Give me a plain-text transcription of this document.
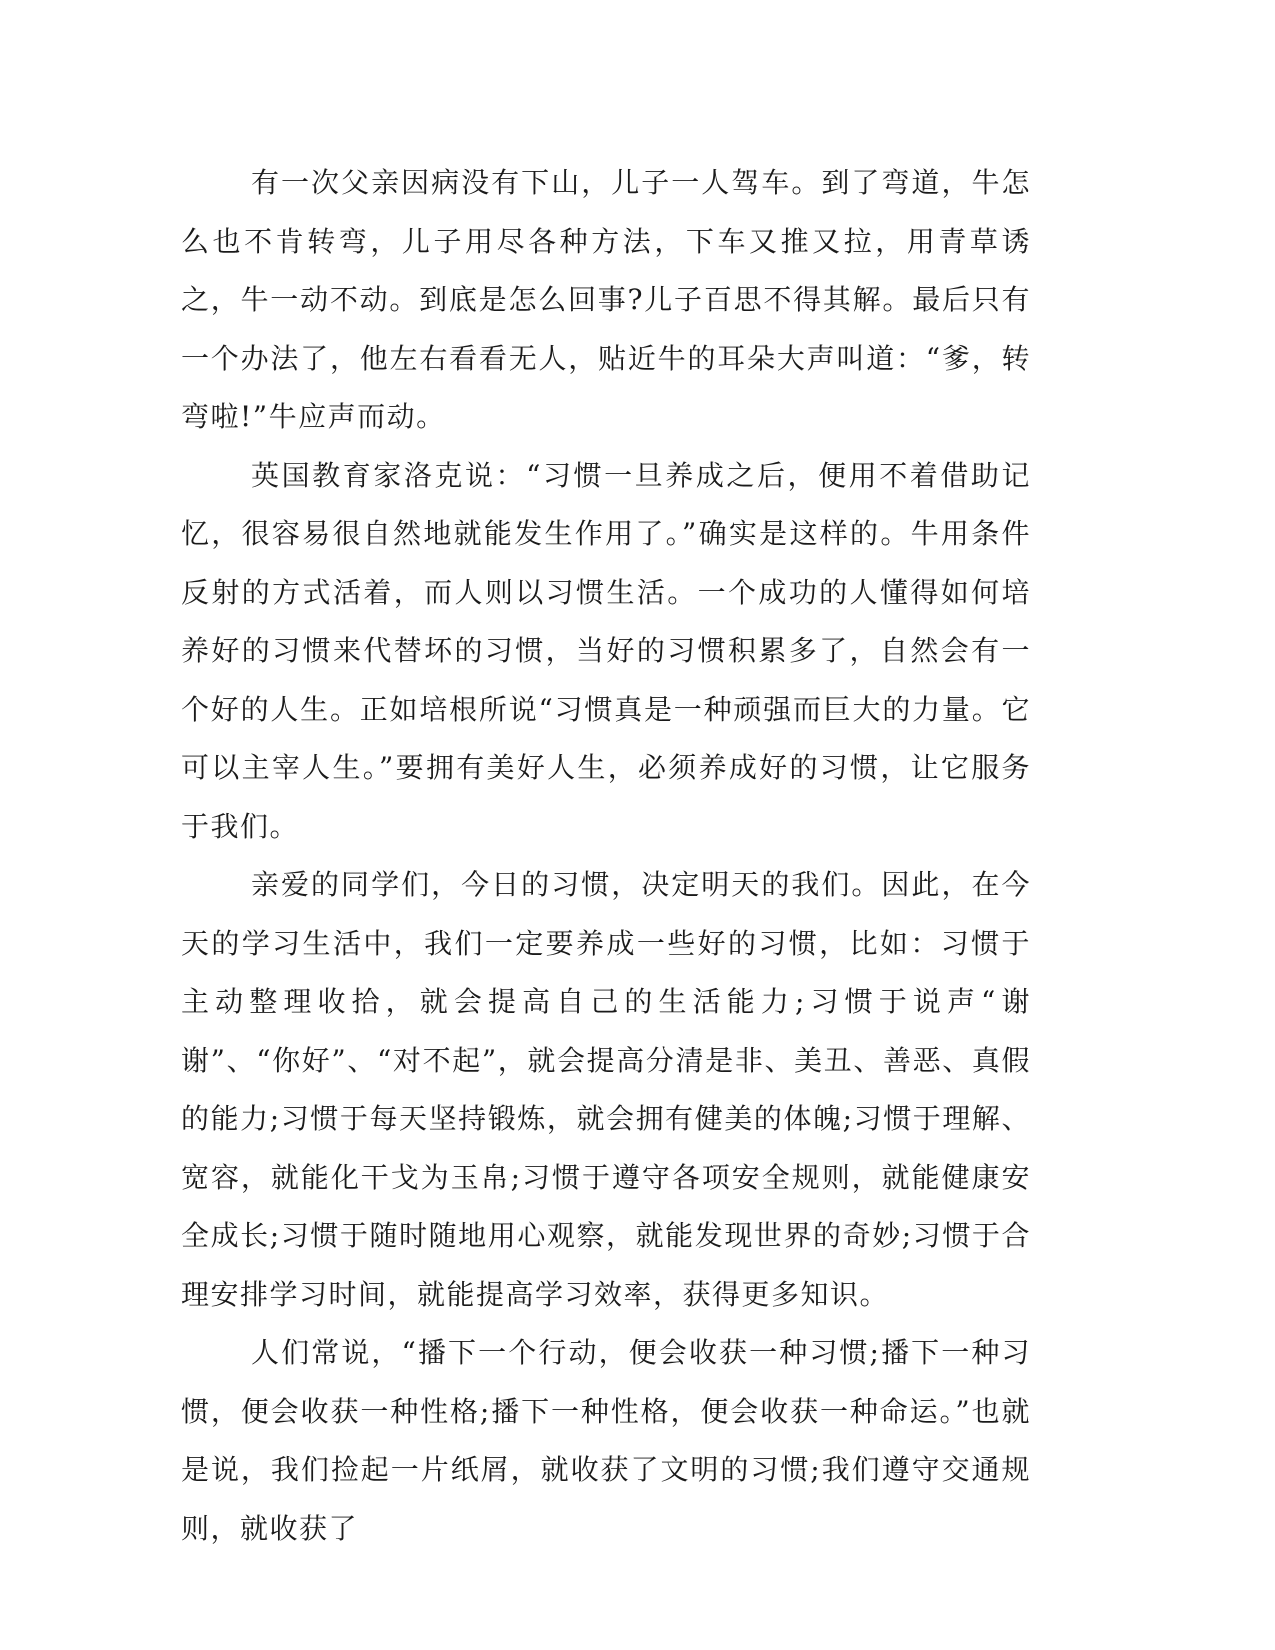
有一次父亲因病没有下山，儿子一人驾车。到了弯道，牛怎么也不肯转弯，儿子用尽各种方法，下车又推又拉，用青草诱之，牛一动不动。到底是怎么回事?儿子百思不得其解。最后只有一个办法了，他左右看看无人，贴近牛的耳朵大声叫道：“爹，转弯啦!”牛应声而动。

英国教育家洛克说：“习惯一旦养成之后，便用不着借助记忆，很容易很自然地就能发生作用了。”确实是这样的。牛用条件反射的方式活着，而人则以习惯生活。一个成功的人懂得如何培养好的习惯来代替坏的习惯，当好的习惯积累多了，自然会有一个好的人生。正如培根所说“习惯真是一种顽强而巨大的力量。它可以主宰人生。”要拥有美好人生，必须养成好的习惯，让它服务于我们。

亲爱的同学们，今日的习惯，决定明天的我们。因此，在今天的学习生活中，我们一定要养成一些好的习惯，比如：习惯于主动整理收拾，就会提高自己的生活能力;习惯于说声“谢谢”、“你好”、“对不起”，就会提高分清是非、美丑、善恶、真假的能力;习惯于每天坚持锻炼，就会拥有健美的体魄;习惯于理解、宽容，就能化干戈为玉帛;习惯于遵守各项安全规则，就能健康安全成长;习惯于随时随地用心观察，就能发现世界的奇妙;习惯于合理安排学习时间，就能提高学习效率，获得更多知识。

人们常说，“播下一个行动，便会收获一种习惯;播下一种习惯，便会收获一种性格;播下一种性格，便会收获一种命运。”也就是说，我们捡起一片纸屑，就收获了文明的习惯;我们遵守交通规则，就收获了
